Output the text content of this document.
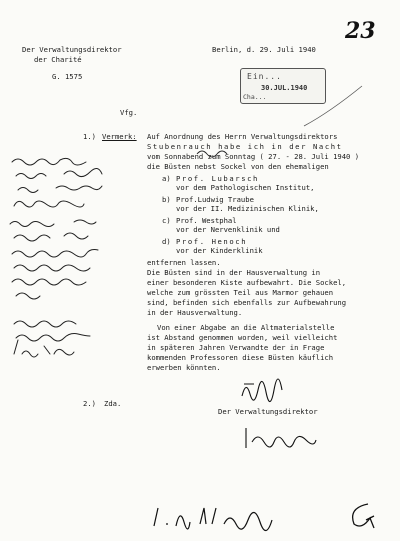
Der Verwaltungsdirektor
der Charité
G. 1575
Berlin, d. 29. Juli 1940
23
Ein...
30.JUL.1940
Cha...
Vfg.
1.) Vermerk: Auf Anordnung des Herrn Verwaltungsdirektors
Stubenrauch habe ich in der Nacht
vom Sonnabend zum Sonntag ( 27. - 28. Juli 1940 )
die Büsten nebst Sockel von den ehemaligen
a) Prof. Lubarsch
vor dem Pathologischen Institut,
b) Prof.Ludwig Traube
vor der II. Medizinischen Klinik,
c) Prof. Westphal
vor der Nervenklinik und
d) Prof. Henoch
vor der Kinderklinik
entfernen lassen.
Die Büsten sind in der Hausverwaltung in
einer besonderen Kiste aufbewahrt. Die Sockel,
welche zum grössten Teil aus Marmor gehauen
sind, befinden sich ebenfalls zur Aufbewahrung
in der Hausverwaltung.
Von einer Abgabe an die Altmaterialstelle
ist Abstand genommen worden, weil vielleicht
in späteren Jahren Verwandte der in Frage
kommenden Professoren diese Büsten käuflich
erwerben könnten.
2.) Zda.
Der Verwaltungsdirektor
